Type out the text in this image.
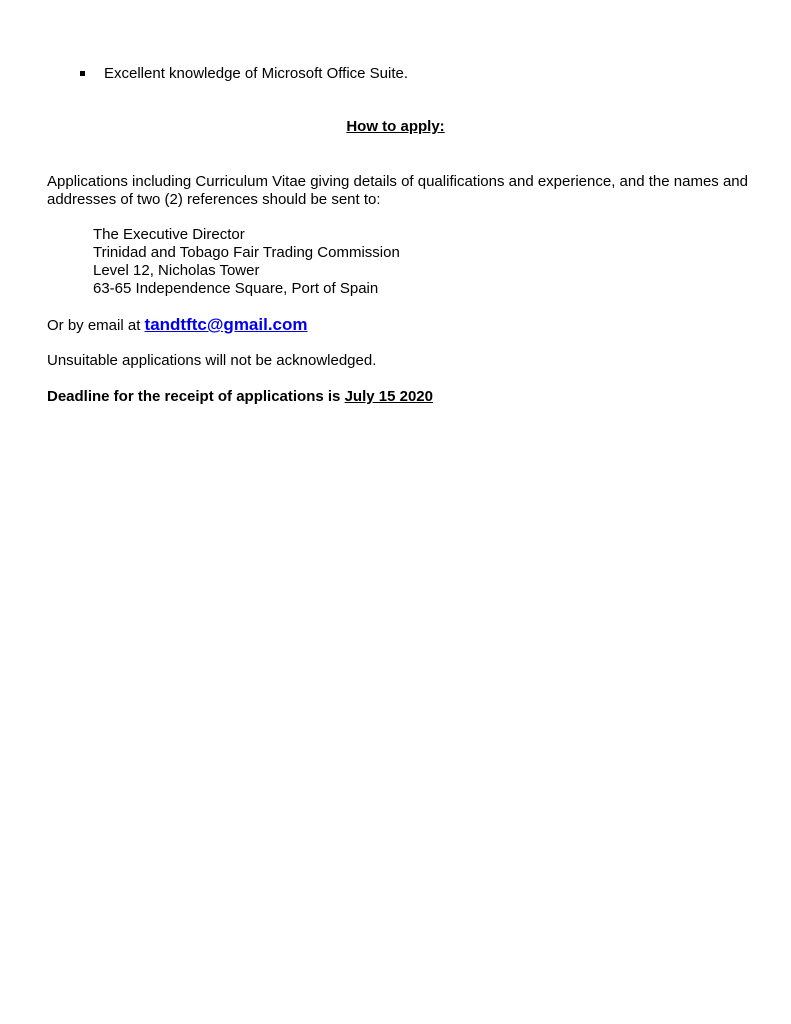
Excellent knowledge of Microsoft Office Suite.
How to apply:
Applications including Curriculum Vitae giving details of qualifications and experience, and the names and addresses of two (2) references should be sent to:
The Executive Director
Trinidad and Tobago Fair Trading Commission
Level 12, Nicholas Tower
63-65 Independence Square, Port of Spain
Or by email at tandtftc@gmail.com
Unsuitable applications will not be acknowledged.
Deadline for the receipt of applications is July 15 2020
